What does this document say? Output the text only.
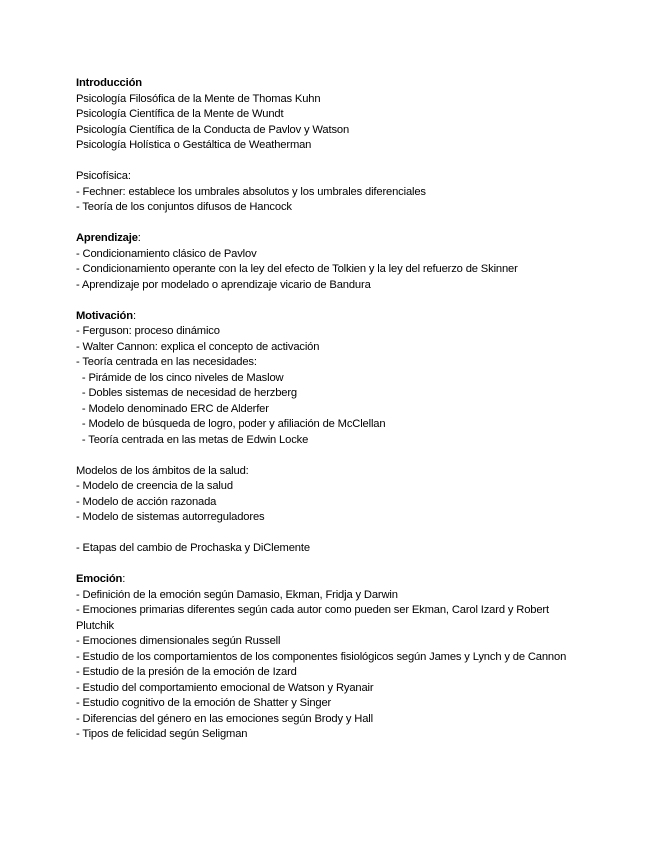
Introducción
Psicología Filosófica de la Mente de Thomas Kuhn
Psicología Científica de la Mente de Wundt
Psicología Científica de la Conducta de Pavlov y Watson
Psicología Holística o Gestáltica de Weatherman
Psicofísica:
- Fechner: establece los umbrales absolutos y los umbrales diferenciales
- Teoría de los conjuntos difusos de Hancock
Aprendizaje:
- Condicionamiento clásico de Pavlov
- Condicionamiento operante con la ley del efecto de Tolkien y la ley del refuerzo de Skinner
- Aprendizaje por modelado o aprendizaje vicario de Bandura
Motivación:
- Ferguson: proceso dinámico
- Walter Cannon: explica el concepto de activación
- Teoría centrada en las necesidades:
- Pirámide de los cinco niveles de Maslow
- Dobles sistemas de necesidad de herzberg
- Modelo denominado ERC de Alderfer
- Modelo de búsqueda de logro, poder y afiliación de McClellan
- Teoría centrada en las metas de Edwin Locke
Modelos de los ámbitos de la salud:
- Modelo de creencia de la salud
- Modelo de acción razonada
- Modelo de sistemas autorreguladores
- Etapas del cambio de Prochaska y DiClemente
Emoción:
- Definición de la emoción según Damasio, Ekman, Fridja y Darwin
- Emociones primarias diferentes según cada autor como pueden ser Ekman, Carol Izard y Robert Plutchik
- Emociones dimensionales según Russell
- Estudio de los comportamientos de los componentes fisiológicos según James y Lynch y de Cannon
- Estudio de la presión de la emoción de Izard
- Estudio del comportamiento emocional de Watson y Ryanair
- Estudio cognitivo de la emoción de Shatter y Singer
- Diferencias del género en las emociones según Brody y Hall
- Tipos de felicidad según Seligman
